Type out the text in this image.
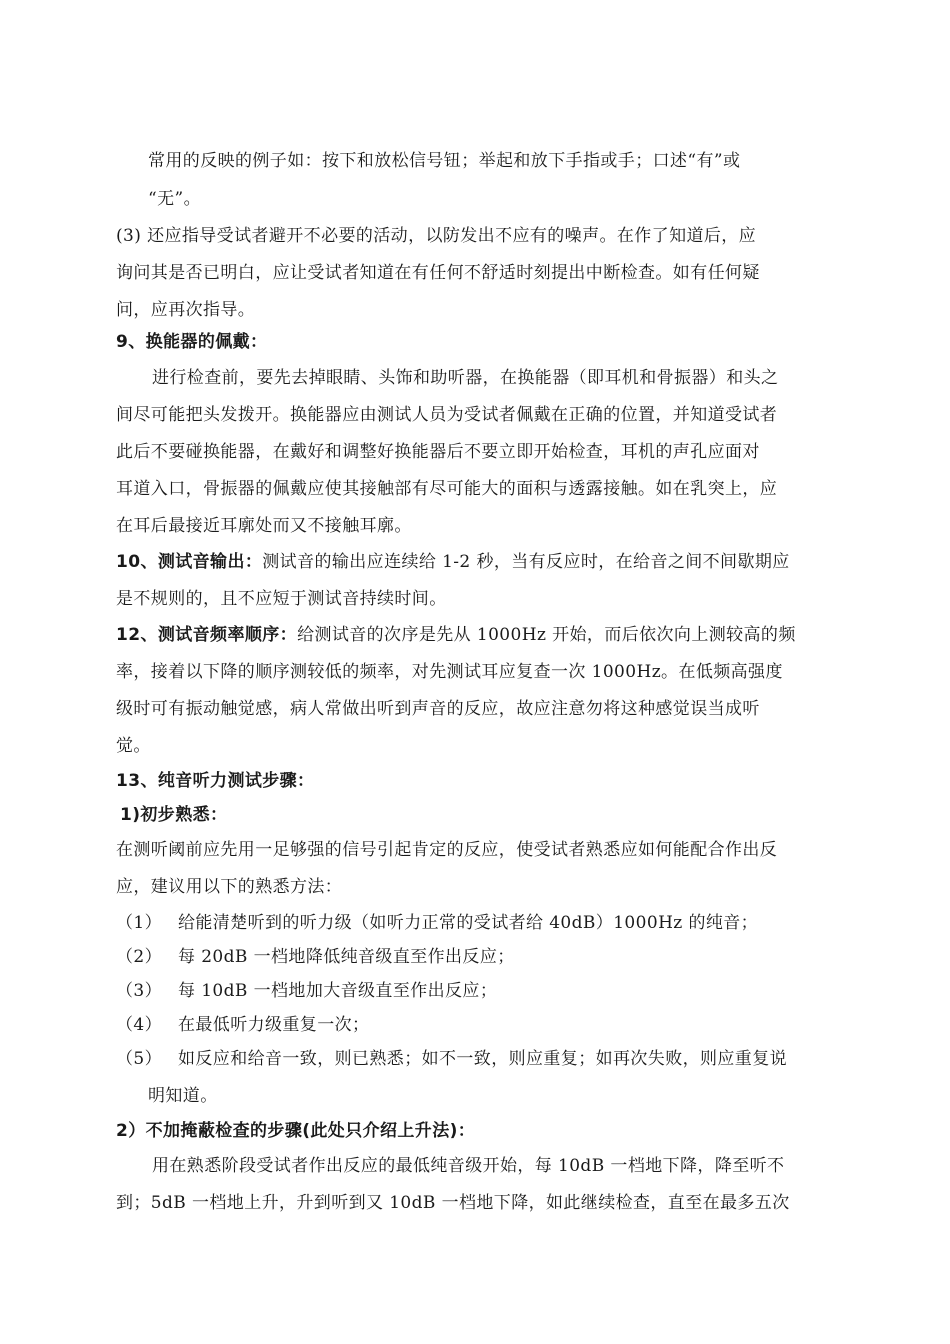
常用的反映的例子如：按下和放松信号钮；举起和放下手指或手；口述“有”或
“无”。
(3) 还应指导受试者避开不必要的活动，以防发出不应有的噪声。在作了知道后，应
询问其是否已明白，应让受试者知道在有任何不舒适时刻提出中断检查。如有任何疑
问，应再次指导。
9、换能器的佩戴：
进行检查前，要先去掉眼睛、头饰和助听器，在换能器（即耳机和骨振器）和头之
间尽可能把头发拨开。换能器应由测试人员为受试者佩戴在正确的位置，并知道受试者
此后不要碰换能器，在戴好和调整好换能器后不要立即开始检查，耳机的声孔应面对
耳道入口，骨振器的佩戴应使其接触部有尽可能大的面积与透露接触。如在乳突上，应
在耳后最接近耳廓处而又不接触耳廓。
10、测试音输出：测试音的输出应连续给 1-2 秒，当有反应时，在给音之间不间歇期应
是不规则的，且不应短于测试音持续时间。
12、测试音频率顺序：给测试音的次序是先从 1000Hz 开始，而后依次向上测较高的频
率，接着以下降的顺序测较低的频率，对先测试耳应复查一次 1000Hz。在低频高强度
级时可有振动触觉感，病人常做出听到声音的反应，故应注意勿将这种感觉误当成听
觉。
13、纯音听力测试步骤：
1)初步熟悉：
在测听阈前应先用一足够强的信号引起肯定的反应，使受试者熟悉应如何能配合作出反
应，建议用以下的熟悉方法：
（1） 给能清楚听到的听力级（如听力正常的受试者给 40dB）1000Hz 的纯音；
（2） 每 20dB 一档地降低纯音级直至作出反应；
（3） 每 10dB 一档地加大音级直至作出反应；
（4） 在最低听力级重复一次；
（5） 如反应和给音一致，则已熟悉；如不一致，则应重复；如再次失败，则应重复说
明知道。
2）不加掩蔽检查的步骤(此处只介绍上升法)：
用在熟悉阶段受试者作出反应的最低纯音级开始，每 10dB 一档地下降，降至听不
到；5dB 一档地上升，升到听到又 10dB 一档地下降，如此继续检查，直至在最多五次
